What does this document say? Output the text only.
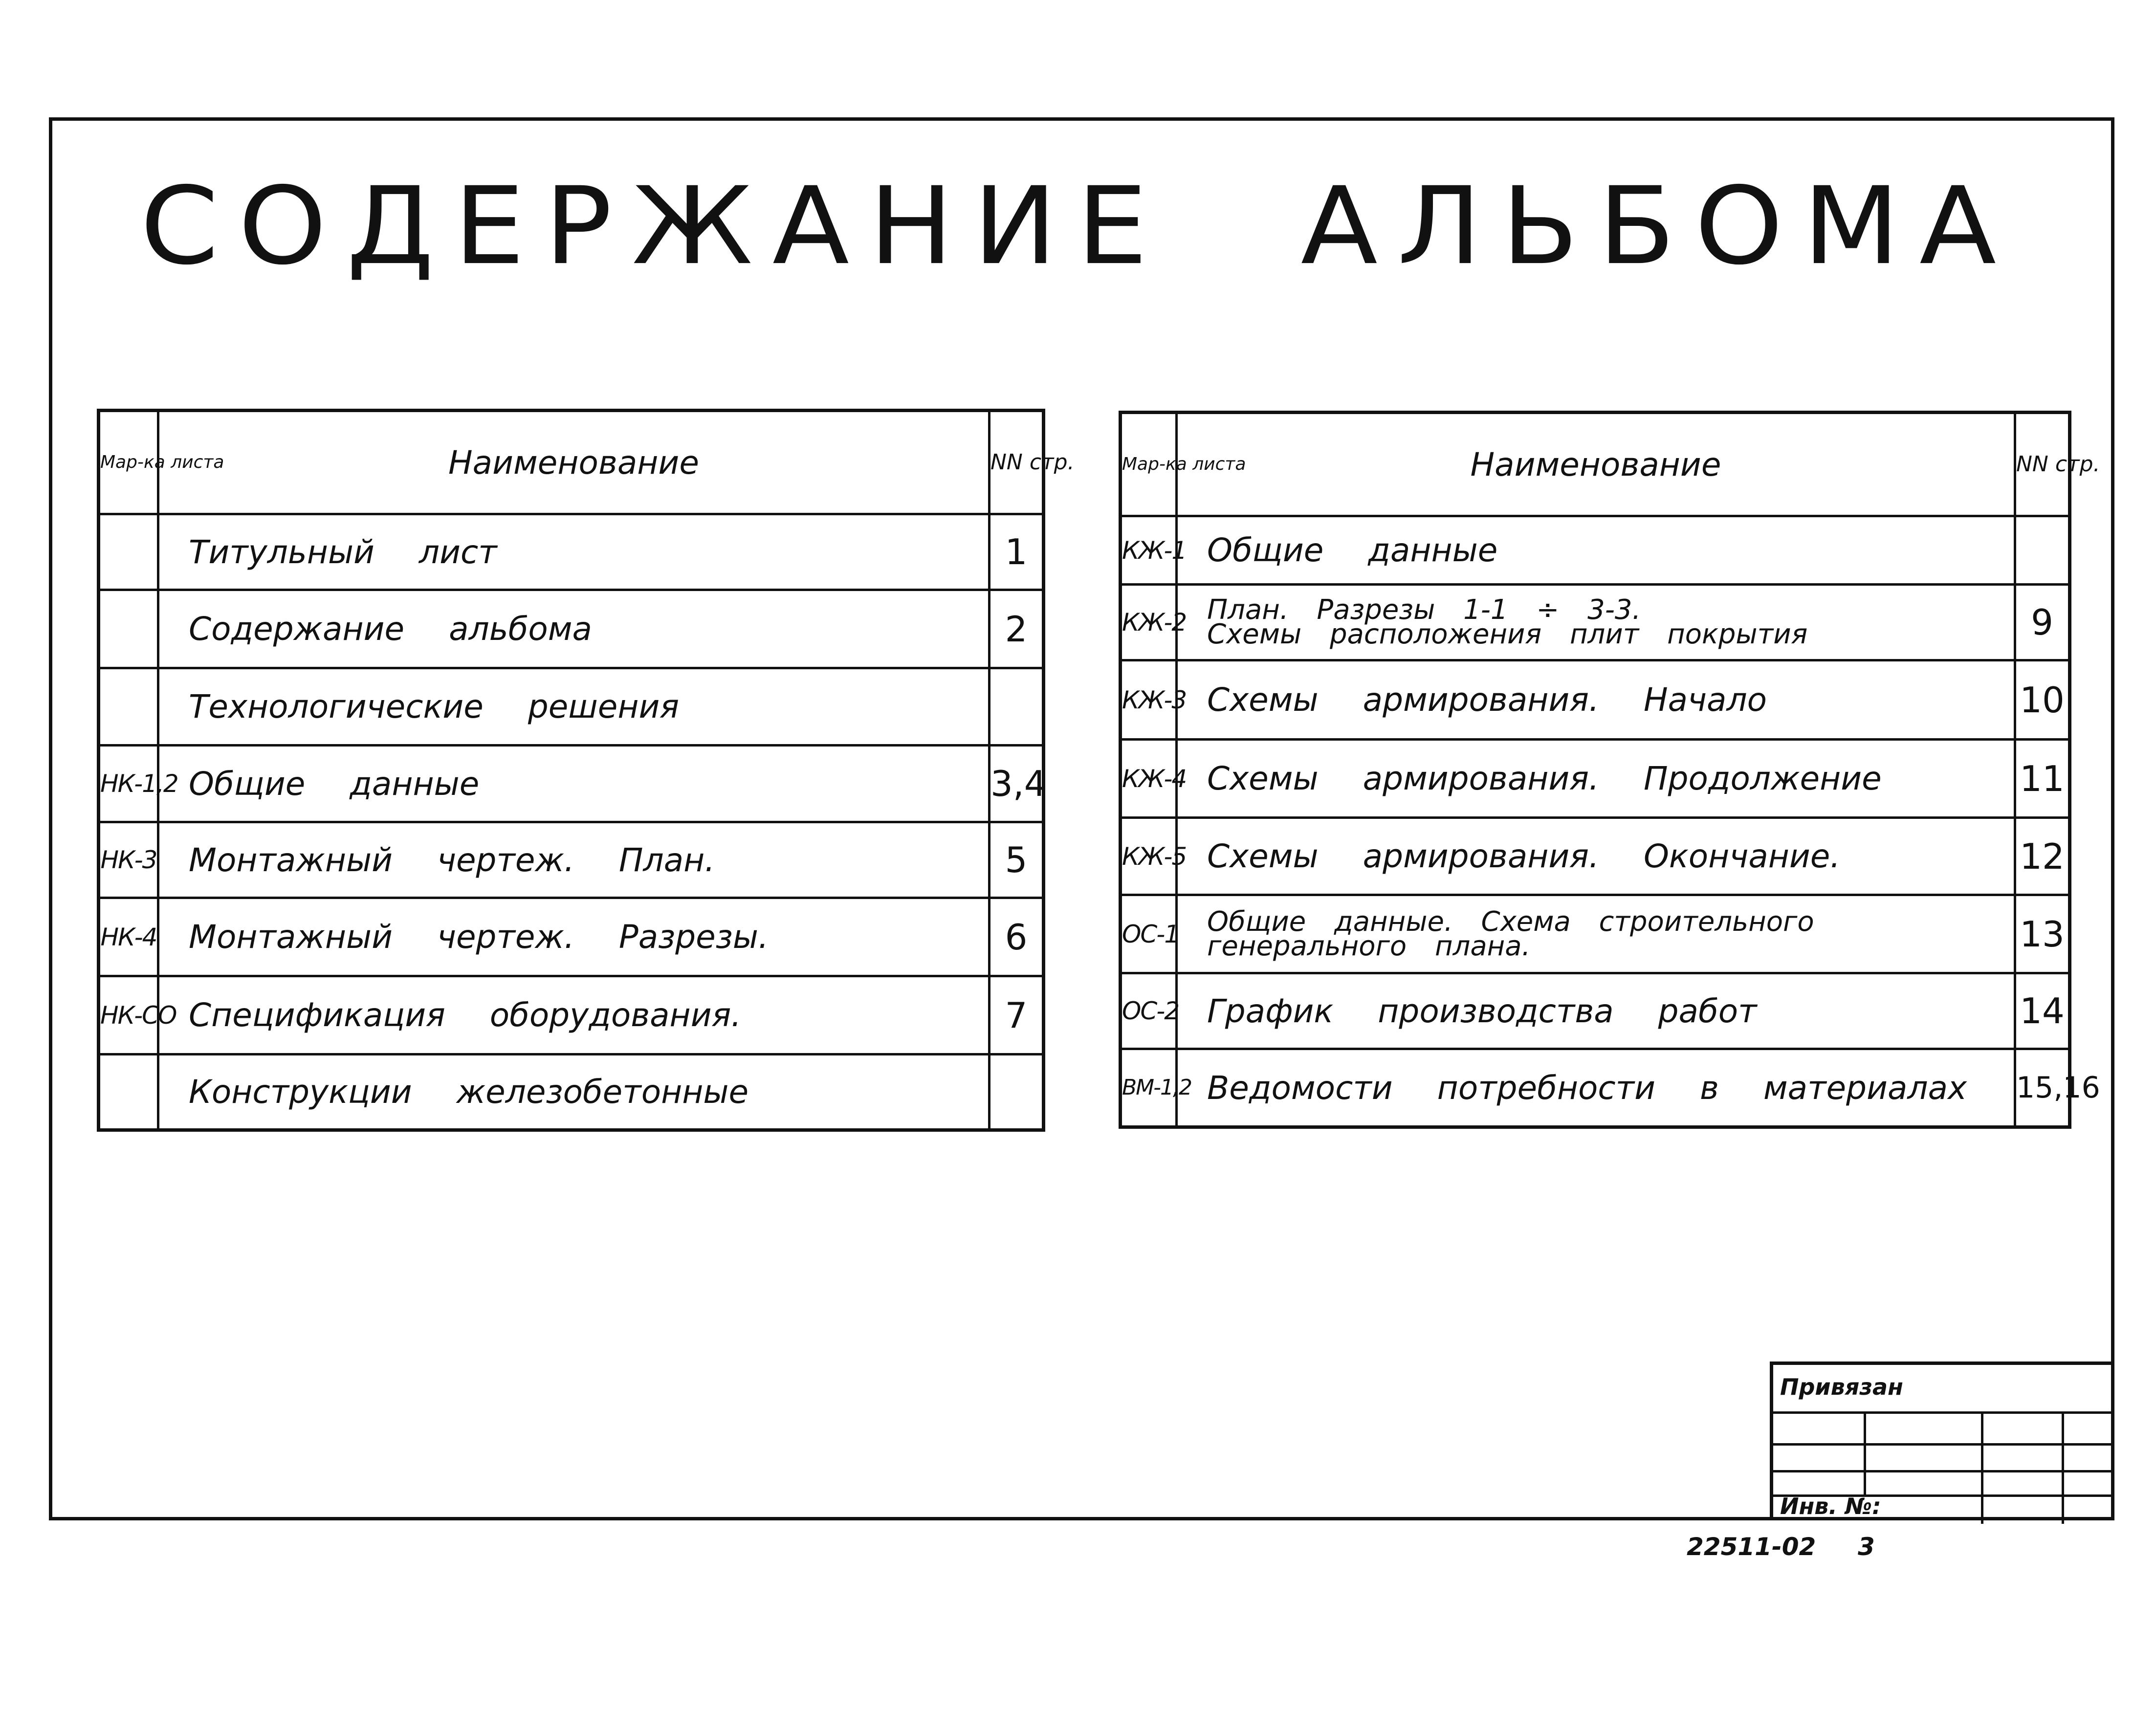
СОДЕРЖАНИЕ АЛЬБОМА
Мар-ка листа	Наименование	NN стр.
	Титульный лист	1
	Содержание альбома	2
	Технологические решения	
НК-1,2	Общие данные	3,4
НК-3	Монтажный чертеж. План.	5
НК-4	Монтажный чертеж. Разрезы.	6
НК-СО	Спецификация оборудования.	7
	Конструкции железобетонные	
Мар-ка листа	Наименование	NN стр.
КЖ-1	Общие данные	
КЖ-2	План. Разрезы 1-1 ÷ 3-3.
Схемы расположения плит покрытия	9
КЖ-3	Схемы армирования. Начало	10
КЖ-4	Схемы армирования. Продолжение	11
КЖ-5	Схемы армирования. Окончание.	12
ОС-1	Общие данные. Схема строительного
генерального плана.	13
ОС-2	График производства работ	14
ВМ-1,2	Ведомости потребности в материалах	15,16
Привязан
Инв. №:
22511-02 3
